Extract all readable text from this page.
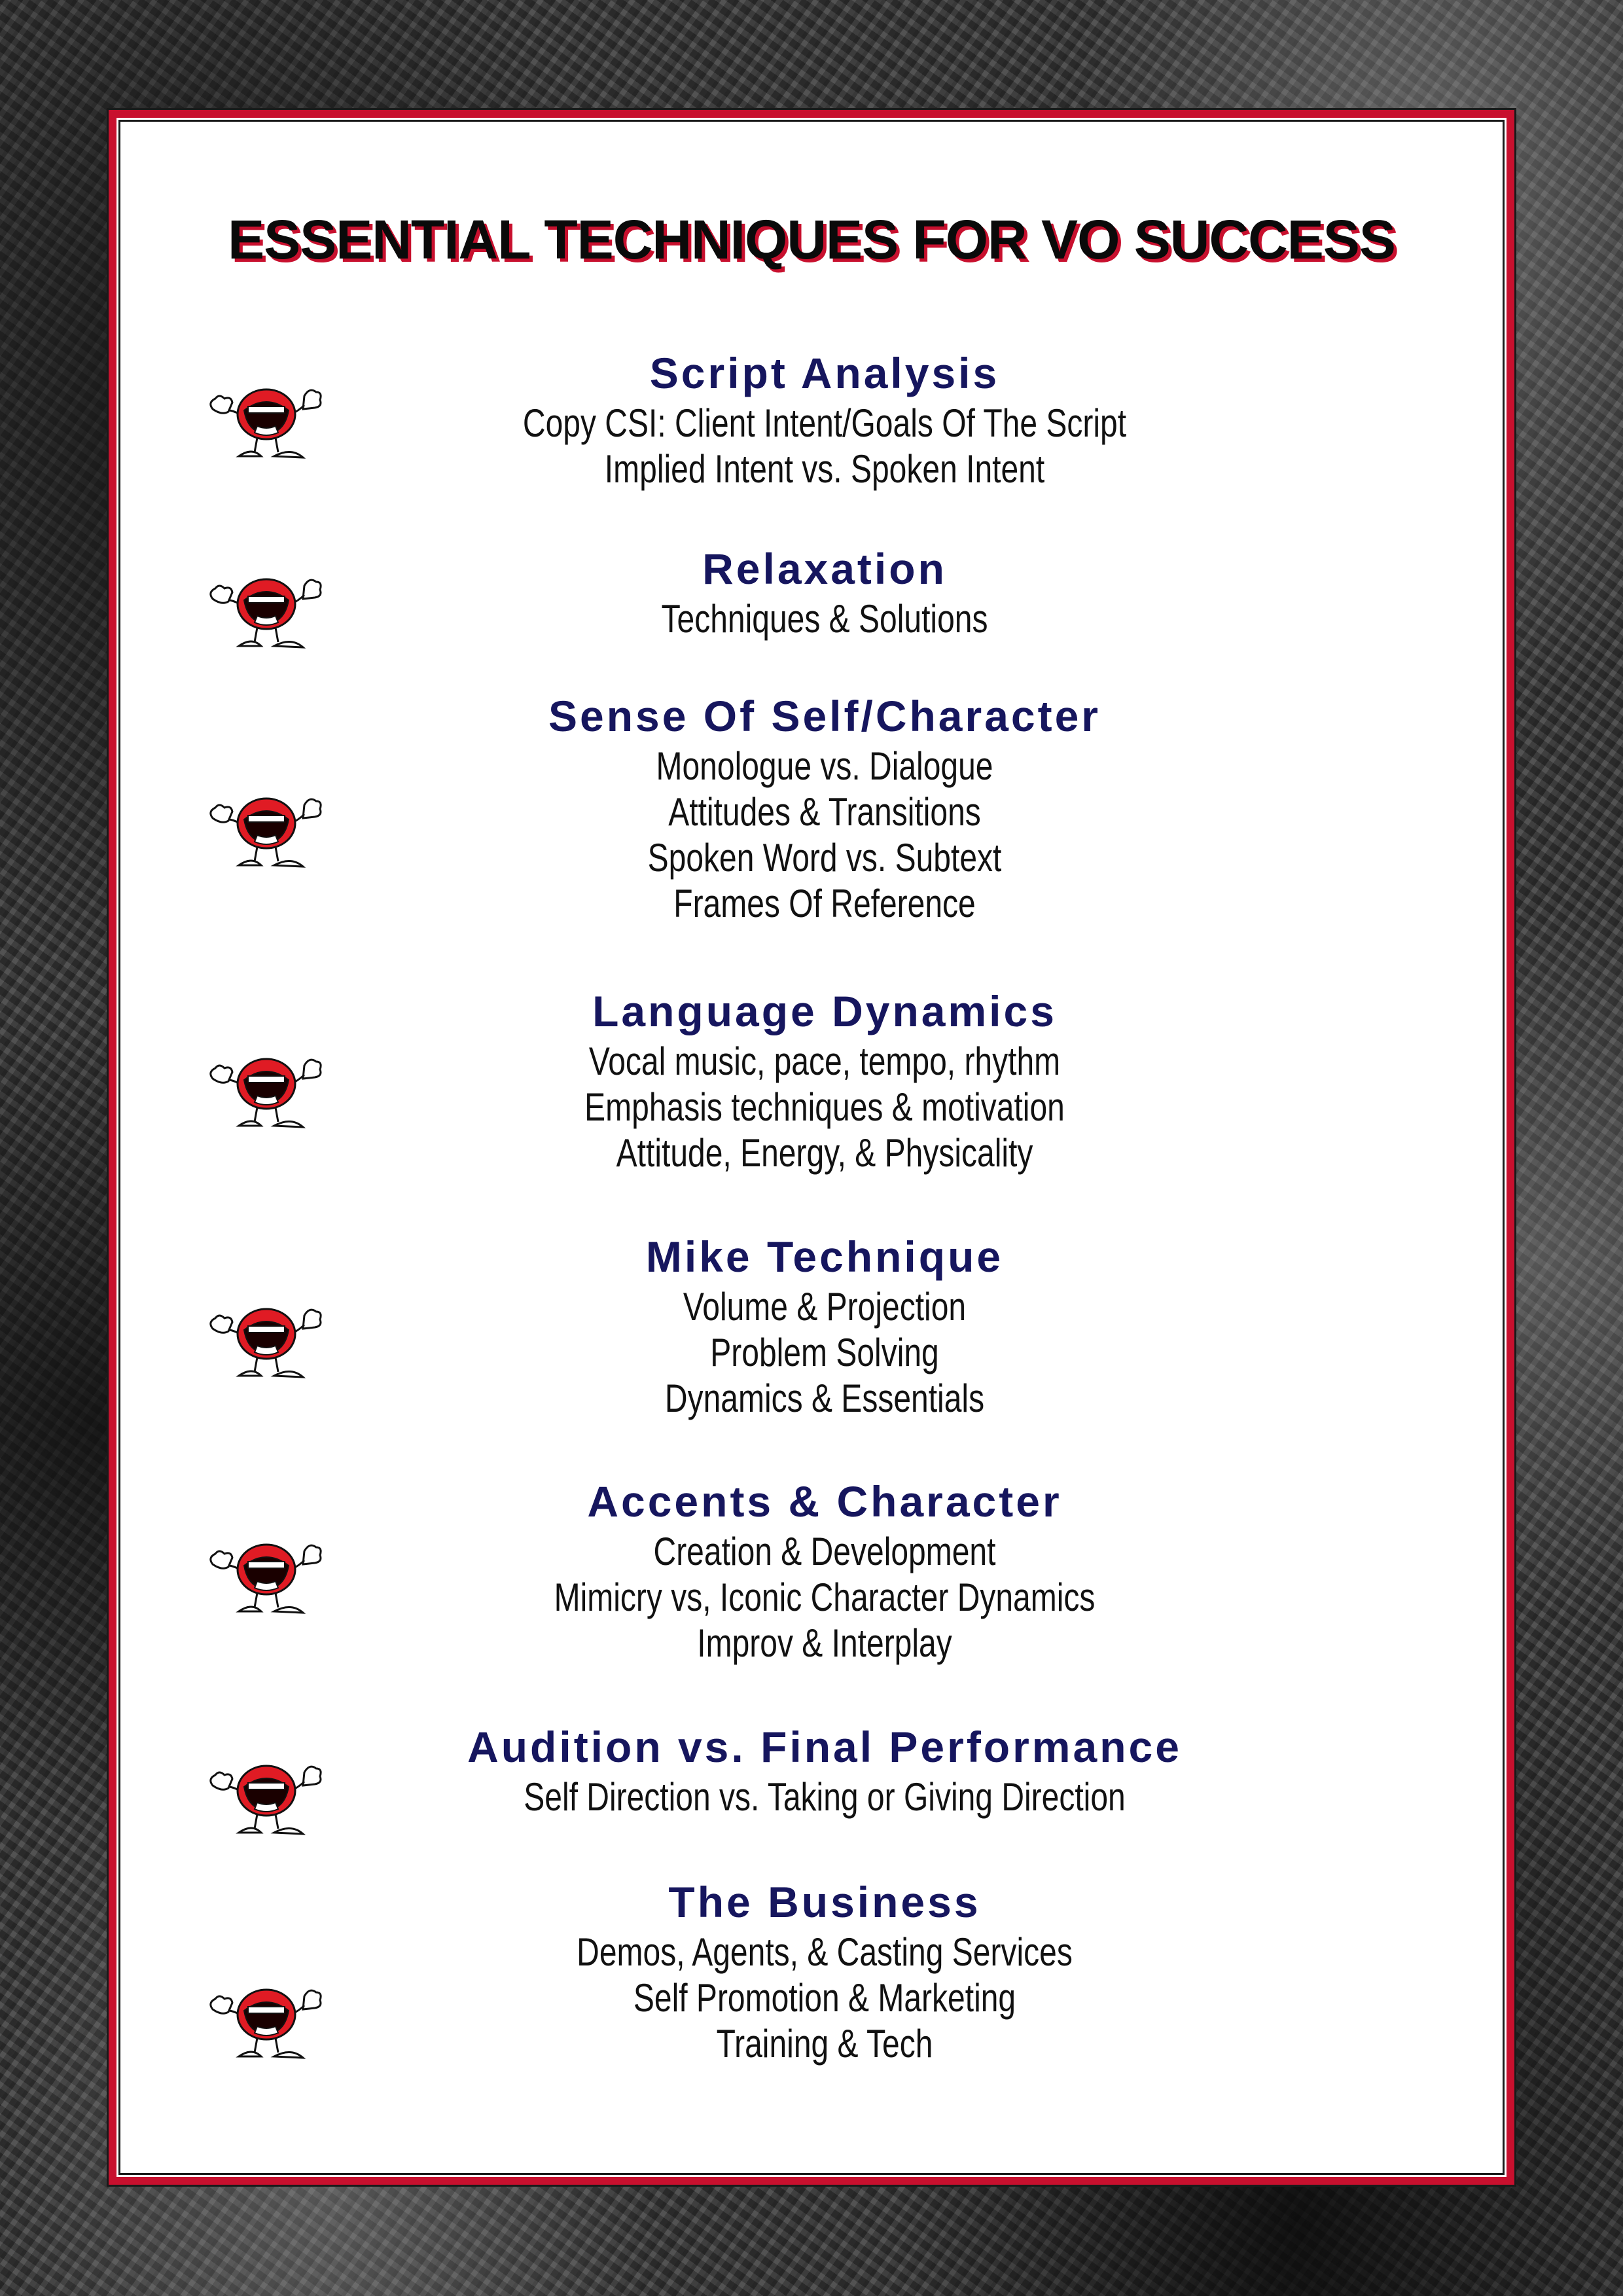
ESSENTIAL TECHNIQUES FOR VO SUCCESS
Script Analysis
Copy CSI: Client Intent/Goals Of The Script
Implied Intent vs. Spoken Intent
Relaxation
Techniques & Solutions
Sense Of Self/Character
Monologue vs. Dialogue
Attitudes & Transitions
Spoken Word vs. Subtext
Frames Of Reference
Language Dynamics
Vocal music, pace, tempo, rhythm
Emphasis techniques & motivation
Attitude, Energy, & Physicality
Mike Technique
Volume & Projection
Problem Solving
Dynamics & Essentials
Accents & Character
Creation & Development
Mimicry vs, Iconic Character Dynamics
Improv & Interplay
Audition vs. Final Performance
Self Direction vs. Taking or Giving Direction
The Business
Demos, Agents, & Casting Services
Self Promotion & Marketing
Training & Tech
